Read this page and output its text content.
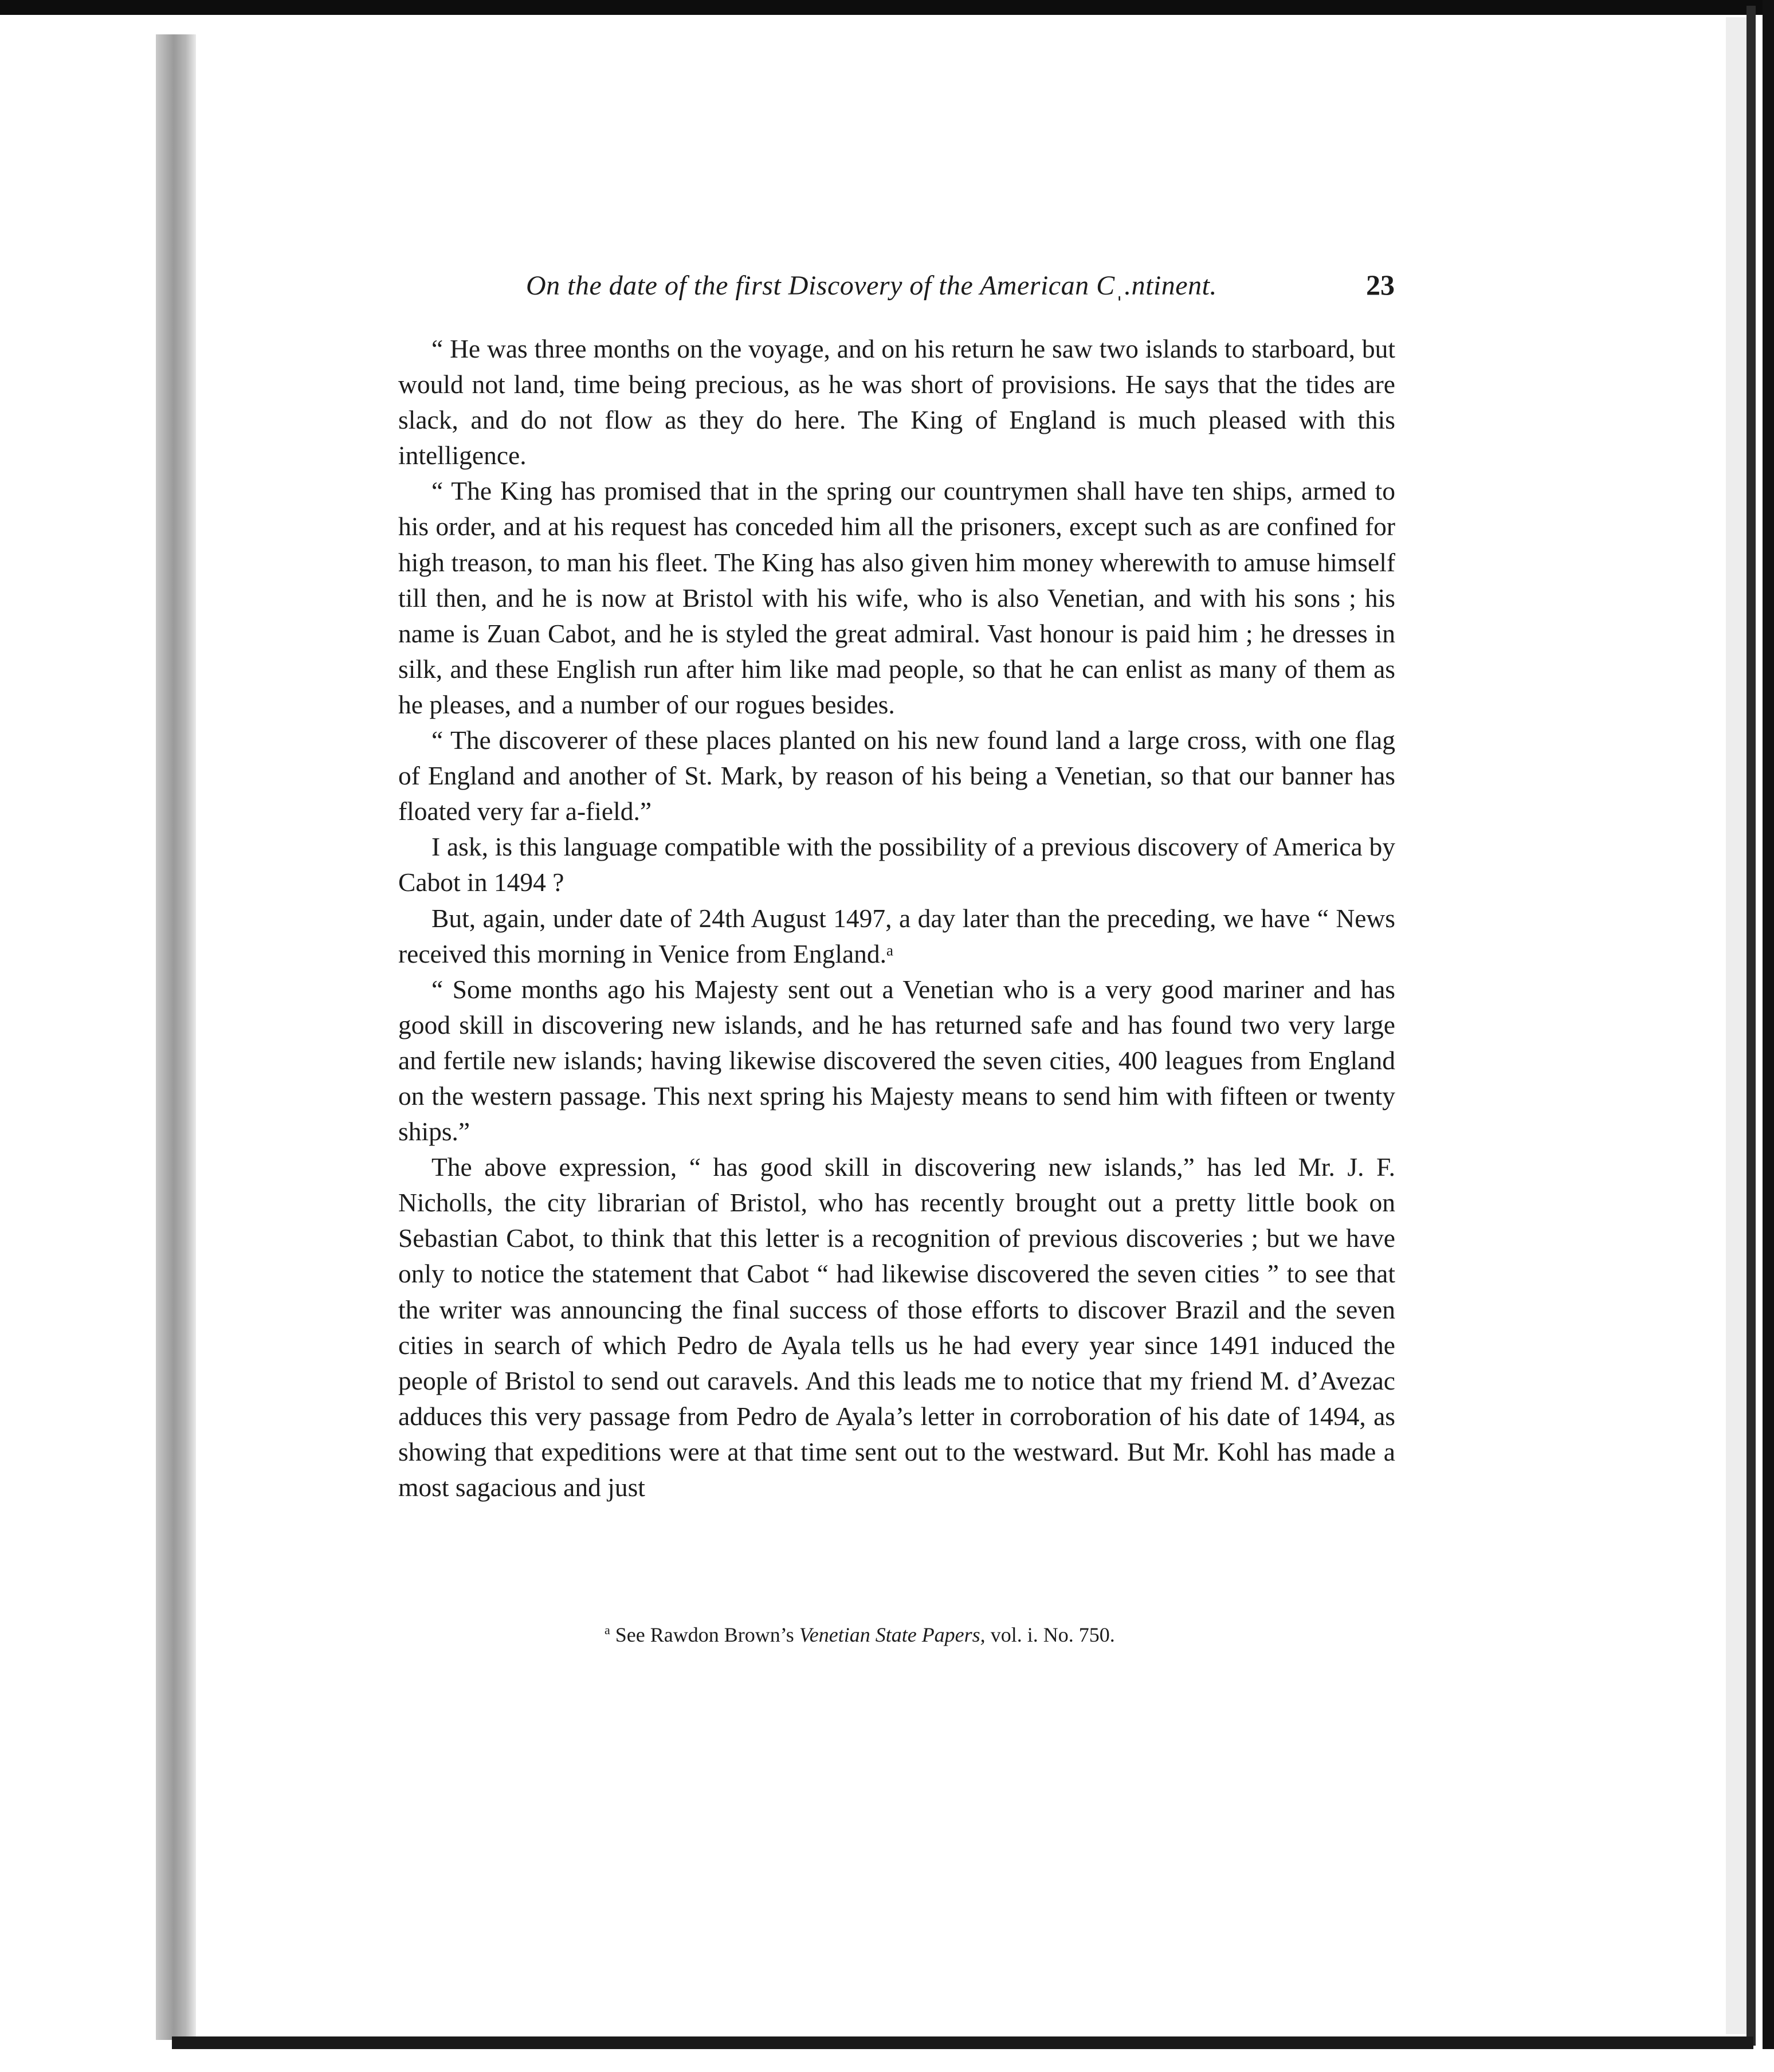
On the date of the first Discovery of the American Cˌ.ntinent.	23

“ He was three months on the voyage, and on his return he saw two islands to starboard, but would not land, time being precious, as he was short of provisions. He says that the tides are slack, and do not flow as they do here. The King of England is much pleased with this intelligence.

“ The King has promised that in the spring our countrymen shall have ten ships, armed to his order, and at his request has conceded him all the prisoners, except such as are confined for high treason, to man his fleet. The King has also given him money wherewith to amuse himself till then, and he is now at Bristol with his wife, who is also Venetian, and with his sons ; his name is Zuan Cabot, and he is styled the great admiral. Vast honour is paid him ; he dresses in silk, and these English run after him like mad people, so that he can enlist as many of them as he pleases, and a number of our rogues besides.

“ The discoverer of these places planted on his new found land a large cross, with one flag of England and another of St. Mark, by reason of his being a Venetian, so that our banner has floated very far a-field.”

I ask, is this language compatible with the possibility of a previous discovery of America by Cabot in 1494 ?

But, again, under date of 24th August 1497, a day later than the preceding, we have “ News received this morning in Venice from England.ᵃ

“ Some months ago his Majesty sent out a Venetian who is a very good mariner and has good skill in discovering new islands, and he has returned safe and has found two very large and fertile new islands; having likewise discovered the seven cities, 400 leagues from England on the western passage. This next spring his Majesty means to send him with fifteen or twenty ships.”

The above expression, “ has good skill in discovering new islands,” has led Mr. J. F. Nicholls, the city librarian of Bristol, who has recently brought out a pretty little book on Sebastian Cabot, to think that this letter is a recognition of previous discoveries ; but we have only to notice the statement that Cabot “ had likewise discovered the seven cities ” to see that the writer was announcing the final success of those efforts to discover Brazil and the seven cities in search of which Pedro de Ayala tells us he had every year since 1491 induced the people of Bristol to send out caravels. And this leads me to notice that my friend M. d’Avezac adduces this very passage from Pedro de Ayala’s letter in corroboration of his date of 1494, as showing that expeditions were at that time sent out to the westward. But Mr. Kohl has made a most sagacious and just

$^a$ See Rawdon Brown’s Venetian State Papers, vol. i. No. 750.
